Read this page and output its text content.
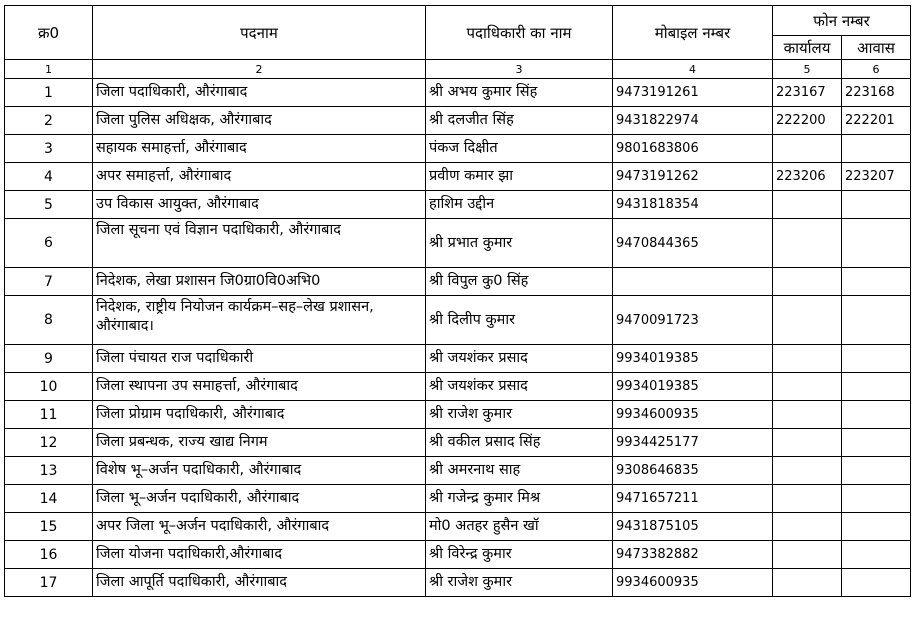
क्र0	पदनाम	पदाधिकारी का नाम	मोबाइल नम्बर	फोन नम्बर	
				कार्यालय	आवास
1	2	3	4	5	6
1	जिला पदाधिकारी, औरंगाबाद	श्री अभय कुमार सिंह	9473191261	223167	223168
2	जिला पुलिस अधिक्षक, औरंगाबाद	श्री दलजीत सिंह	9431822974	222200	222201
3	सहायक समाहर्त्ता, औरंगाबाद	पंकज दिक्षीत	9801683806		
4	अपर समाहर्त्ता, औरंगाबाद	प्रवीण कमार झा	9473191262	223206	223207
5	उप विकास आयुक्त, औरंगाबाद	हाशिम उद्दीन	9431818354		
6	जिला सूचना एवं विज्ञान पदाधिकारी, औरंगाबाद	श्री प्रभात कुमार	9470844365		
7	निदेशक, लेखा प्रशासन जि0ग्रा0वि0अभि0	श्री विपुल कु0 सिंह			
8	निदेशक, राष्ट्रीय नियोजन कार्यक्रम–सह–लेख प्रशासन, औरंगाबाद।	श्री दिलीप कुमार	9470091723		
9	जिला पंचायत राज पदाधिकारी	श्री जयशंकर प्रसाद	9934019385		
10	जिला स्थापना उप समाहर्त्ता, औरंगाबाद	श्री जयशंकर प्रसाद	9934019385		
11	जिला प्रोग्राम पदाधिकारी, औरंगाबाद	श्री राजेश कुमार	9934600935		
12	जिला प्रबन्धक, राज्य खाद्य निगम	श्री वकील प्रसाद सिंह	9934425177		
13	विशेष भू–अर्जन पदाधिकारी, औरंगाबाद	श्री अमरनाथ साह	9308646835		
14	जिला भू–अर्जन पदाधिकारी, औरंगाबाद	श्री गजेन्द्र कुमार मिश्र	9471657211		
15	अपर जिला भू–अर्जन पदाधिकारी, औरंगाबाद	मो0 अतहर हुसैन खॉ	9431875105		
16	जिला योजना पदाधिकारी,औरंगाबाद	श्री विरेन्द्र कुमार	9473382882		
17	जिला आपूर्ति पदाधिकारी, औरंगाबाद	श्री राजेश कुमार	9934600935		
